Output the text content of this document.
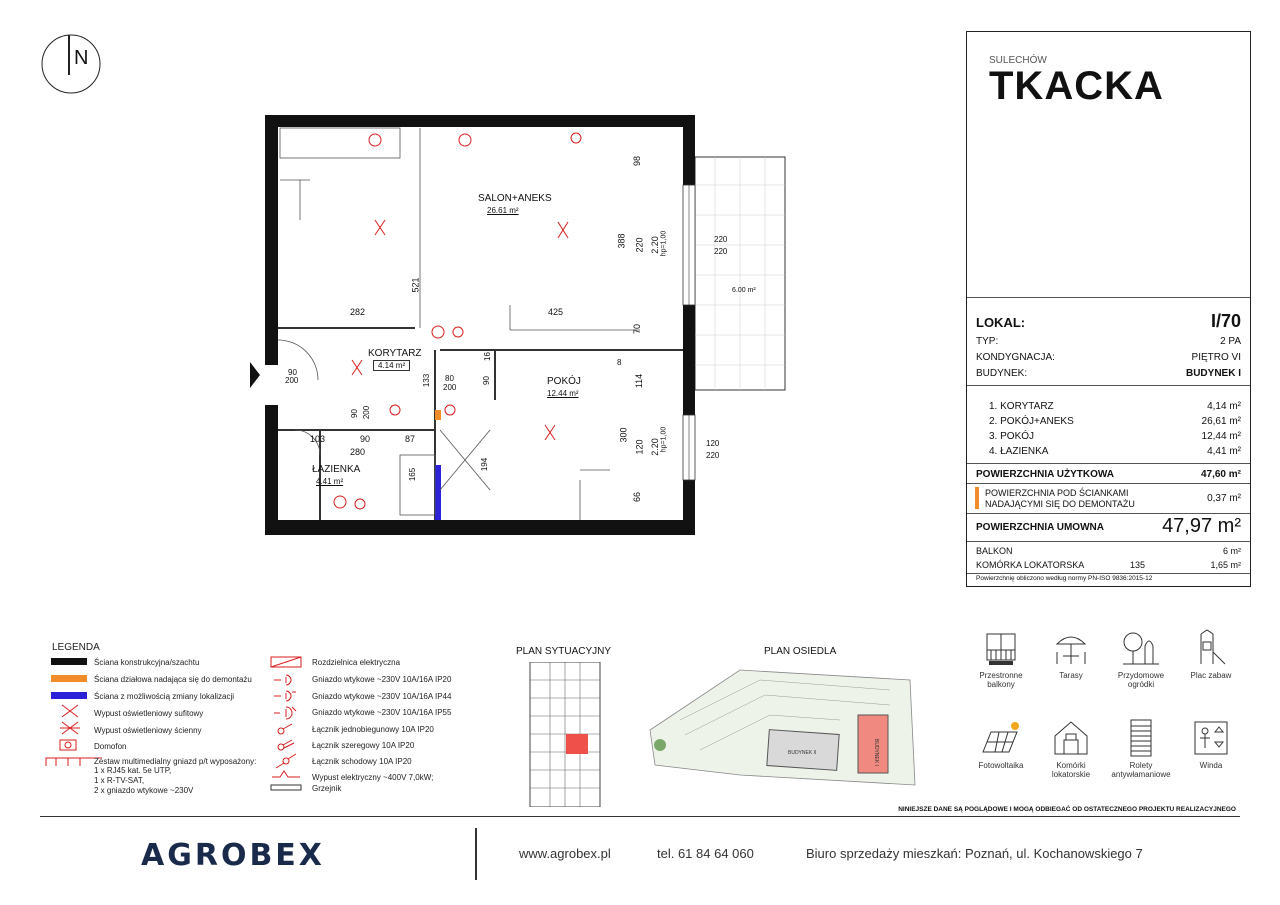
N
SALON+ANEKS
26.61 m²
KORYTARZ
4.14 m²
POKÓJ
12.44 m²
ŁAZIENKA
4.41 m²
6.00 m²
282	425
521
388
98
220 2.20 hp=1,00	220
220
70
8
114
300
120 2.20 hp=1,00
66
120
220
16
133	90
80
200
90
200
90 200
103	90	87
280
194
165
SULECHÓW
TKACKA
LOKAL:	I/70
TYP:	2 PA
KONDYGNACJA:	PIĘTRO VI
BUDYNEK:	BUDYNEK I
1. KORYTARZ	4,14 m²
2. POKÓJ+ANEKS	26,61 m²
3. POKÓJ	12,44 m²
4. ŁAZIENKA	4,41 m²
POWIERZCHNIA UŻYTKOWA	47,60 m²
POWIERZCHNIA POD ŚCIANKAMI
NADAJĄCYMI SIĘ DO DEMONTAŻU	0,37 m²
POWIERZCHNIA UMOWNA	47,97 m²
BALKON	6 m²
KOMÓRKA LOKATORSKA	135	1,65 m²
Powierzchnię obliczono według normy PN-ISO 9836:2015-12
LEGENDA
Ściana konstrukcyjna/szachtu
Ściana działowa nadająca się do demontażu
Ściana z możliwością zmiany lokalizacji
Wypust oświetleniowy sufitowy
Wypust oświetleniowy ścienny
Domofon
Zestaw multimedialny gniazd p/t wyposażony:
1 x RJ45 kat. 5e UTP,
1 x R-TV-SAT,
2 x gniazdo wtykowe ~230V
Rozdzielnica elektryczna
Gniazdo wtykowe ~230V 10A/16A IP20
Gniazdo wtykowe ~230V 10A/16A IP44
Gniazdo wtykowe ~230V 10A/16A IP55
Łącznik jednobiegunowy 10A IP20
Łącznik szeregowy 10A IP20
Łącznik schodowy 10A IP20
Wypust elektryczny ~400V 7,0kW;
Grzejnik
PLAN SYTUACYJNY	PLAN OSIEDLA
BUDYNEK II	BUDYNEK I
Przestronne
balkony
Tarasy	Przydomowe
ogródki
Plac zabaw
Fotowoltaika	Komórki
lokatorskie
Rolety
antywłamaniowe
Winda
NINIEJSZE DANE SĄ POGLĄDOWE I MOGĄ ODBIEGAĆ OD OSTATECZNEGO PROJEKTU REALIZACYJNEGO
AGROBEX	www.agrobex.pl	tel. 61 84 64 060	Biuro sprzedaży mieszkań: Poznań, ul. Kochanowskiego 7
